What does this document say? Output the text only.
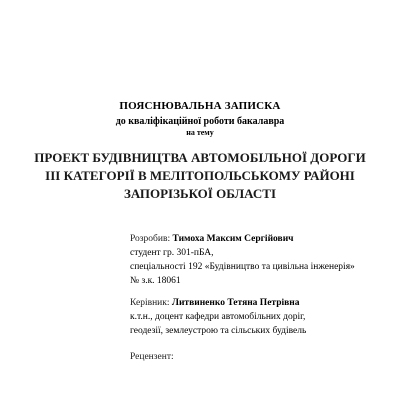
ПОЯСНЮВАЛЬНА ЗАПИСКА
до кваліфікаційної роботи бакалавра
на тему
ПРОЕКТ БУДІВНИЦТВА АВТОМОБІЛЬНОЇ ДОРОГИ
ІІІ КАТЕГОРІЇ В МЕЛІТОПОЛЬСЬКОМУ РАЙОНІ
ЗАПОРІЗЬКОЇ ОБЛАСТІ
Розробив: Тимоха Максим Сергійович
студент гр. 301-пБА,
спеціальності 192 «Будівництво та цивільна інженерія»
№ з.к. 18061
Керівник: Литвиненко Тетяна Петрівна
к.т.н., доцент кафедри автомобільних доріг,
геодезії, землеустрою та сільських будівель
Рецензент:
